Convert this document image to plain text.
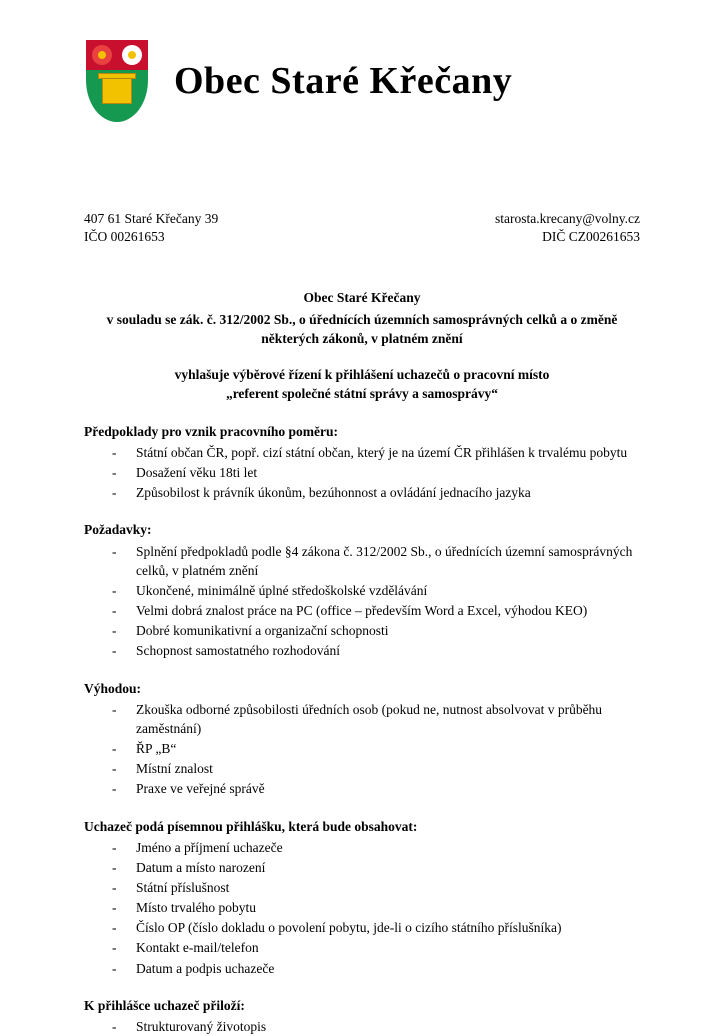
Obec Staré Křečany
407 61 Staré Křečany 39
IČO 00261653
starosta.krecany@volny.cz
DIČ CZ00261653
Obec Staré Křečany
v souladu se zák. č. 312/2002 Sb., o úřednících územních samosprávných celků a o změně
některých zákonů, v platném znění
vyhlašuje výběrové řízení k přihlášení uchazečů o pracovní místo
„referent společné státní správy a samosprávy“
Předpoklady pro vznik pracovního poměru:
- Státní občan ČR, popř. cizí státní občan, který je na území ČR přihlášen k trvalému pobytu
- Dosažení věku 18ti let
- Způsobilost k právník úkonům, bezúhonnost a ovládání jednacího jazyka
Požadavky:
- Splnění předpokladů podle §4 zákona č. 312/2002 Sb., o úřednících územní samosprávných celků, v platném znění
- Ukončené, minimálně úplné středoškolské vzdělávání
- Velmi dobrá znalost práce na PC (office – především Word a Excel, výhodou KEO)
- Dobré komunikativní a organizační schopnosti
- Schopnost samostatného rozhodování
Výhodou:
- Zkouška odborné způsobilosti úředních osob (pokud ne, nutnost absolvovat v průběhu zaměstnání)
- ŘP „B“
- Místní znalost
- Praxe ve veřejné správě
Uchazeč podá písemnou přihlášku, která bude obsahovat:
- Jméno a příjmení uchazeče
- Datum a místo narození
- Státní příslušnost
- Místo trvalého pobytu
- Číslo OP (číslo dokladu o povolení pobytu, jde-li o cizího státního příslušníka)
- Kontakt e-mail/telefon
- Datum a podpis uchazeče
K přihlášce uchazeč přiloží:
- Strukturovaný životopis
